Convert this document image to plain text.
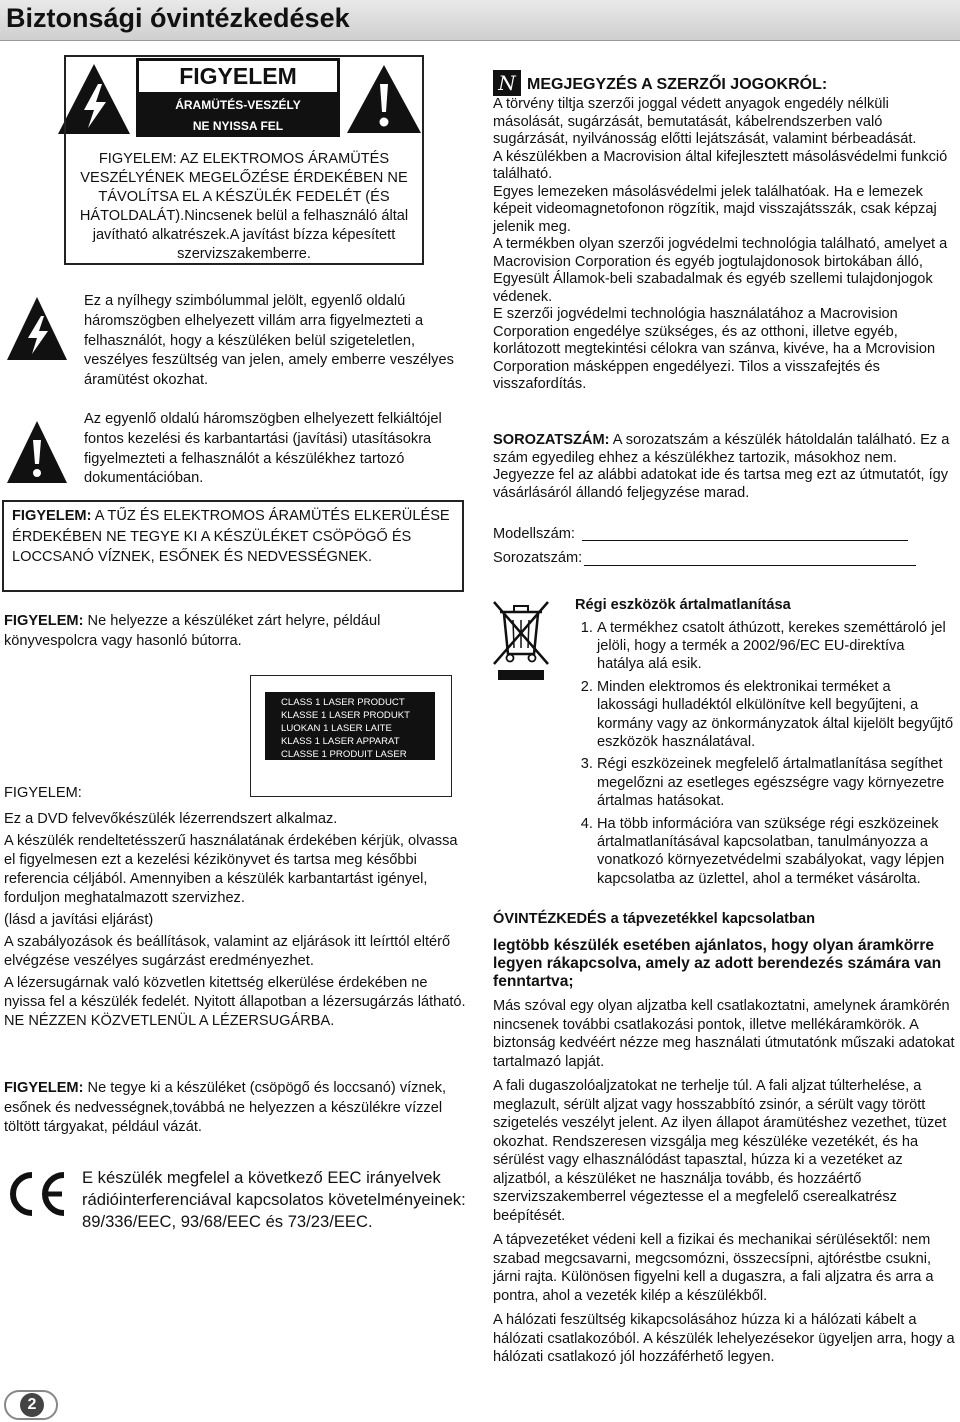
Biztonsági óvintézkedések
FIGYELEM
ÁRAMÜTÉS-VESZÉLY
NE NYISSA FEL
FIGYELEM: AZ ELEKTROMOS ÁRAMÜTÉS
VESZÉLYÉNEK MEGELŐZÉSE ÉRDEKÉBEN NE
TÁVOLÍTSA EL A KÉSZÜLÉK FEDELÉT (ÉS
HÁTOLDALÁT).Nincsenek belül a felhasználó által
javítható alkatrészek.A javítást bízza képesített
szervizszakemberre.
Ez a nyílhegy szimbólummal jelölt, egyenlő oldalú háromszögben elhelyezett villám arra figyelmezteti a felhasználót, hogy a készüléken belül szigeteletlen, veszélyes feszültség van jelen, amely emberre veszélyes áramütést okozhat.
Az egyenlő oldalú háromszögben elhelyezett felkiáltójel fontos kezelési és karbantartási (javítási) utasításokra figyelmezteti a felhasználót a készülékhez tartozó dokumentációban.
FIGYELEM: A TŰZ ÉS ELEKTROMOS ÁRAMÜTÉS ELKERÜLÉSE ÉRDEKÉBEN NE TEGYE KI A KÉSZÜLÉKET CSÖPÖGŐ ÉS LOCCSANÓ VÍZNEK, ESŐNEK ÉS NEDVESSÉGNEK.
FIGYELEM: Ne helyezze a készüléket zárt helyre, például könyvespolcra vagy hasonló bútorra.
CLASS 1 LASER PRODUCT
KLASSE 1 LASER PRODUKT
LUOKAN 1 LASER LAITE
KLASS 1 LASER APPARAT
CLASSE 1 PRODUIT LASER

FIGYELEM:

Ez a DVD felvevőkészülék lézerrendszert alkalmaz.

A készülék rendeltetésszerű használatának érdekében kérjük, olvassa el figyelmesen ezt a kezelési kézikönyvet és tartsa meg későbbi referencia céljából. Amennyiben a készülék karbantartást igényel, forduljon meghatalmazott szervizhez.

(lásd a javítási eljárást)

A szabályozások és beállítások, valamint az eljárások itt leírttól eltérő elvégzése veszélyes sugárzást eredményezhet.

A lézersugárnak való közvetlen kitettség elkerülése érdekében ne nyissa fel a készülék fedelét. Nyitott állapotban a lézersugárzás látható.

NE NÉZZEN KÖZVETLENÜL A LÉZERSUGÁRBA.

FIGYELEM: Ne tegye ki a készüléket (csöpögő és loccsanó) víznek, esőnek és nedvességnek,továbbá ne helyezzen a készülékre vízzel töltött tárgyakat, például vázát.
E készülék megfelel a következő EEC irányelvek rádióinterferenciával kapcsolatos követelményeinek: 89/336/EEC, 93/68/EEC és 73/23/EEC.
2
N MEGJEGYZÉS A SZERZŐI JOGOKRÓL:

A törvény tiltja szerzői joggal védett anyagok engedély nélküli másolását, sugárzását, bemutatását, kábelrendszerben való sugárzását, nyilvánosság előtti lejátszását, valamint bérbeadását.

A készülékben a Macrovision által kifejlesztett másolásvédelmi funkció található.

Egyes lemezeken másolásvédelmi jelek találhatóak. Ha e lemezek képeit videomagnetofonon rögzítik, majd visszajátsszák, csak képzaj jelenik meg.

A termékben olyan szerzői jogvédelmi technológia található, amelyet a Macrovision Corporation és egyéb jogtulajdonosok birtokában álló, Egyesült Államok-beli szabadalmak és egyéb szellemi tulajdonjogok védenek.

E szerzői jogvédelmi technológia használatához a Macrovision Corporation engedélye szükséges, és az otthoni, illetve egyéb, korlátozott megtekintési célokra van szánva, kivéve, ha a Mcrovision Corporation másképpen engedélyezi. Tilos a visszafejtés és visszafordítás.

SOROZATSZÁM: A sorozatszám a készülék hátoldalán található. Ez a szám egyedileg ehhez a készülékhez tartozik, másokhoz nem. Jegyezze fel az alábbi adatokat ide és tartsa meg ezt az útmutatót, így vásárlásáról állandó feljegyzése marad.
Modellszám:
Sorozatszám:
Régi eszközök ártalmatlanítása
1. A termékhez csatolt áthúzott, kerekes szeméttároló jel jelöli, hogy a termék a 2002/96/EC EU-direktíva hatálya alá esik.
2. Minden elektromos és elektronikai terméket a lakossági hulladéktól elkülönítve kell begyűjteni, a kormány vagy az önkormányzatok által kijelölt begyűjtő eszközök használatával.
3. Régi eszközeinek megfelelő ártalmatlanítása segíthet megelőzni az esetleges egészségre vagy környezetre ártalmas hatásokat.
4. Ha több információra van szüksége régi eszközeinek ártalmatlanításával kapcsolatban, tanulmányozza a vonatkozó környezetvédelmi szabályokat, vagy lépjen kapcsolatba az üzlettel, ahol a terméket vásárolta.
ÓVINTÉZKEDÉS a tápvezetékkel kapcsolatban
legtöbb készülék esetében ajánlatos, hogy olyan áramkörre legyen rákapcsolva, amely az adott berendezés számára van fenntartva;
Más szóval egy olyan aljzatba kell csatlakoztatni, amelynek áramkörén nincsenek további csatlakozási pontok, illetve mellékáramkörök. A biztonság kedvéért nézze meg használati útmutatónk műszaki adatokat tartalmazó lapját.
A fali dugaszolóaljzatokat ne terhelje túl. A fali aljzat túlterhelése, a meglazult, sérült aljzat vagy hosszabbító zsinór, a sérült vagy törött szigetelés veszélyt jelent. Az ilyen állapot áramütéshez vezethet, tüzet okozhat. Rendszeresen vizsgálja meg készüléke vezetékét, és ha sérülést vagy elhasználódást tapasztal, húzza ki a vezetéket az aljzatból, a készüléket ne használja tovább, és hozzáértő szervizszakemberrel végeztesse el a megfelelő cserealkatrész beépítését.
A tápvezetéket védeni kell a fizikai és mechanikai sérülésektől: nem szabad megcsavarni, megcsomózni, összecsípni, ajtóréstbe csukni, járni rajta. Különösen figyelni kell a dugaszra, a fali aljzatra és arra a pontra, ahol a vezeték kilép a készülékből.
A hálózati feszültség kikapcsolásához húzza ki a hálózati kábelt a hálózati csatlakozóból. A készülék lehelyezésekor ügyeljen arra, hogy a hálózati csatlakozó jól hozzáférhető legyen.
